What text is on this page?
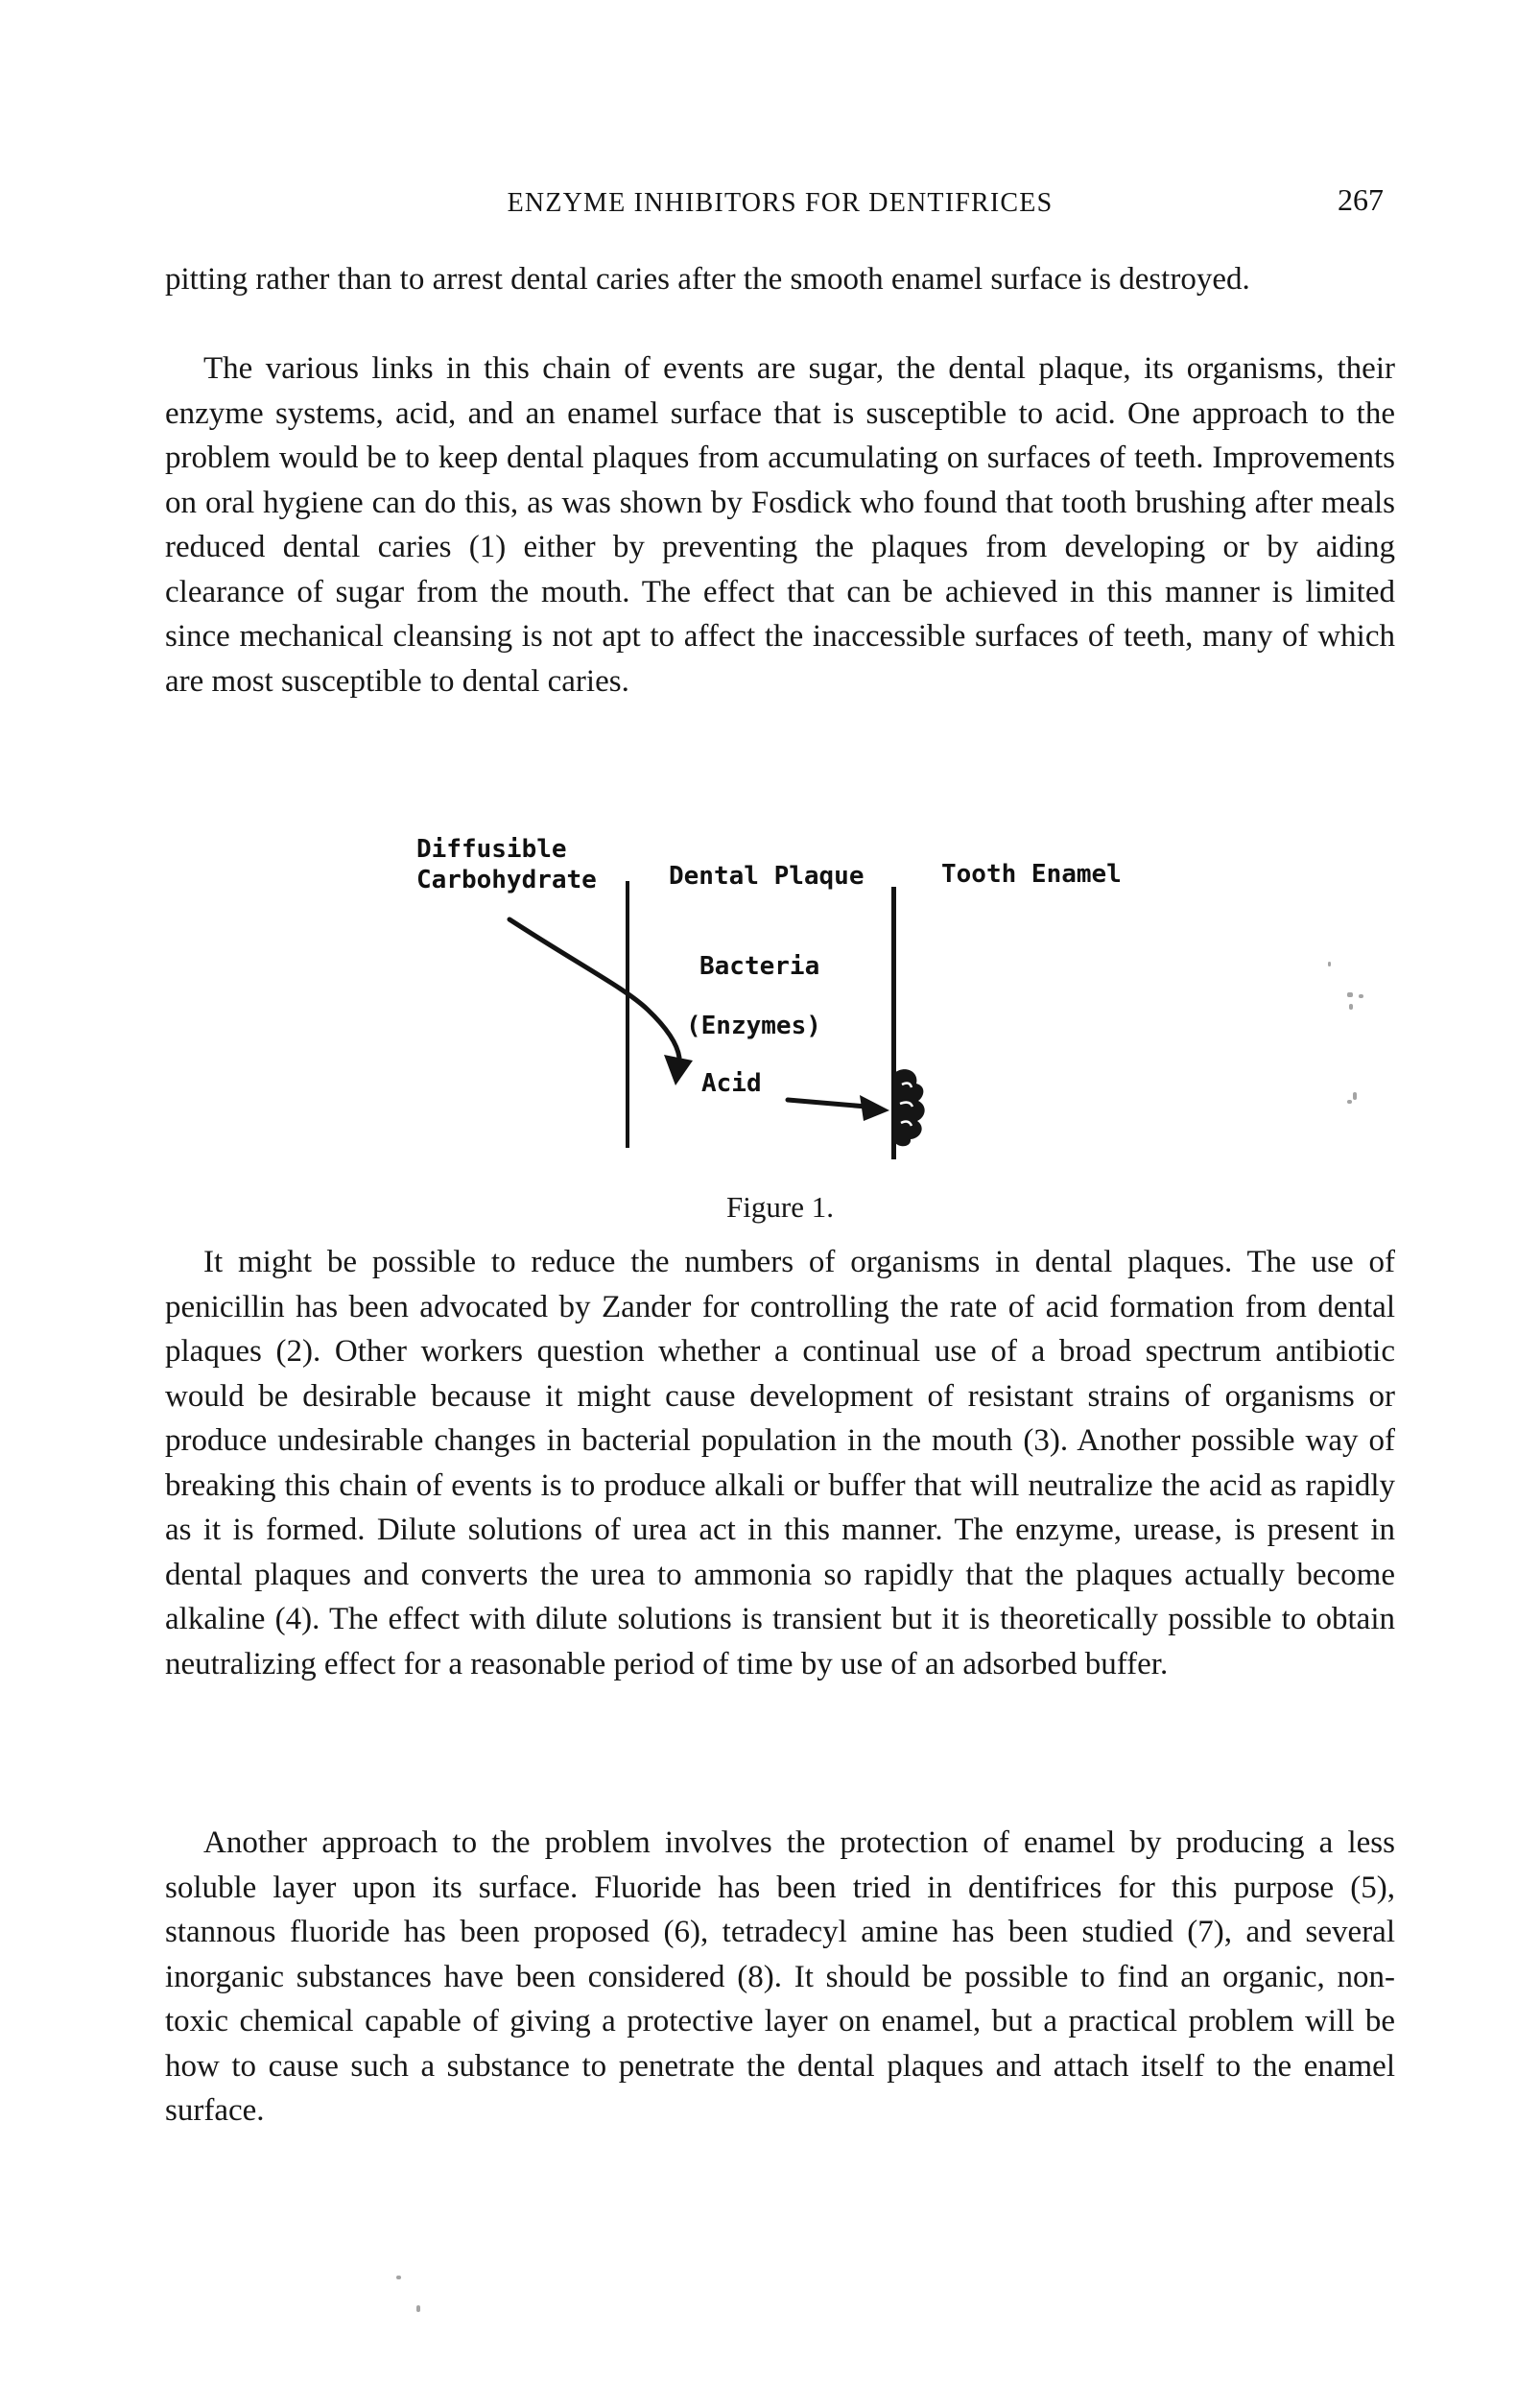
ENZYME INHIBITORS FOR DENTIFRICES	267

pitting rather than to arrest dental caries after the smooth enamel surface is destroyed.

The various links in this chain of events are sugar, the dental plaque, its organisms, their enzyme systems, acid, and an enamel surface that is susceptible to acid. One approach to the problem would be to keep dental plaques from accumulating on surfaces of teeth. Improvements on oral hygiene can do this, as was shown by Fosdick who found that tooth brushing after meals reduced dental caries (1) either by preventing the plaques from developing or by aiding clearance of sugar from the mouth. The effect that can be achieved in this manner is limited since mechanical cleansing is not apt to affect the inaccessible surfaces of teeth, many of which are most susceptible to dental caries.

It might be possible to reduce the numbers of organisms in dental plaques. The use of penicillin has been advocated by Zander for controlling the rate of acid formation from dental plaques (2). Other workers question whether a continual use of a broad spectrum antibiotic would be desirable because it might cause development of resistant strains of organisms or produce undesirable changes in bacterial population in the mouth (3). Another possible way of breaking this chain of events is to produce alkali or buffer that will neutralize the acid as rapidly as it is formed. Dilute solutions of urea act in this manner. The enzyme, urease, is present in dental plaques and converts the urea to ammonia so rapidly that the plaques actually become alkaline (4). The effect with dilute solutions is transient but it is theoretically possible to obtain neutralizing effect for a reasonable period of time by use of an adsorbed buffer.

Another approach to the problem involves the protection of enamel by producing a less soluble layer upon its surface. Fluoride has been tried in dentifrices for this purpose (5), stannous fluoride has been proposed (6), tetradecyl amine has been studied (7), and several inorganic substances have been considered (8). It should be possible to find an organic, non-toxic chemical capable of giving a protective layer on enamel, but a practical problem will be how to cause such a substance to penetrate the dental plaques and attach itself to the enamel surface.

Diffusible
Carbohydrate	Dental Plaque	Tooth Enamel
Bacteria
(Enzymes)
Acid
Figure 1.
